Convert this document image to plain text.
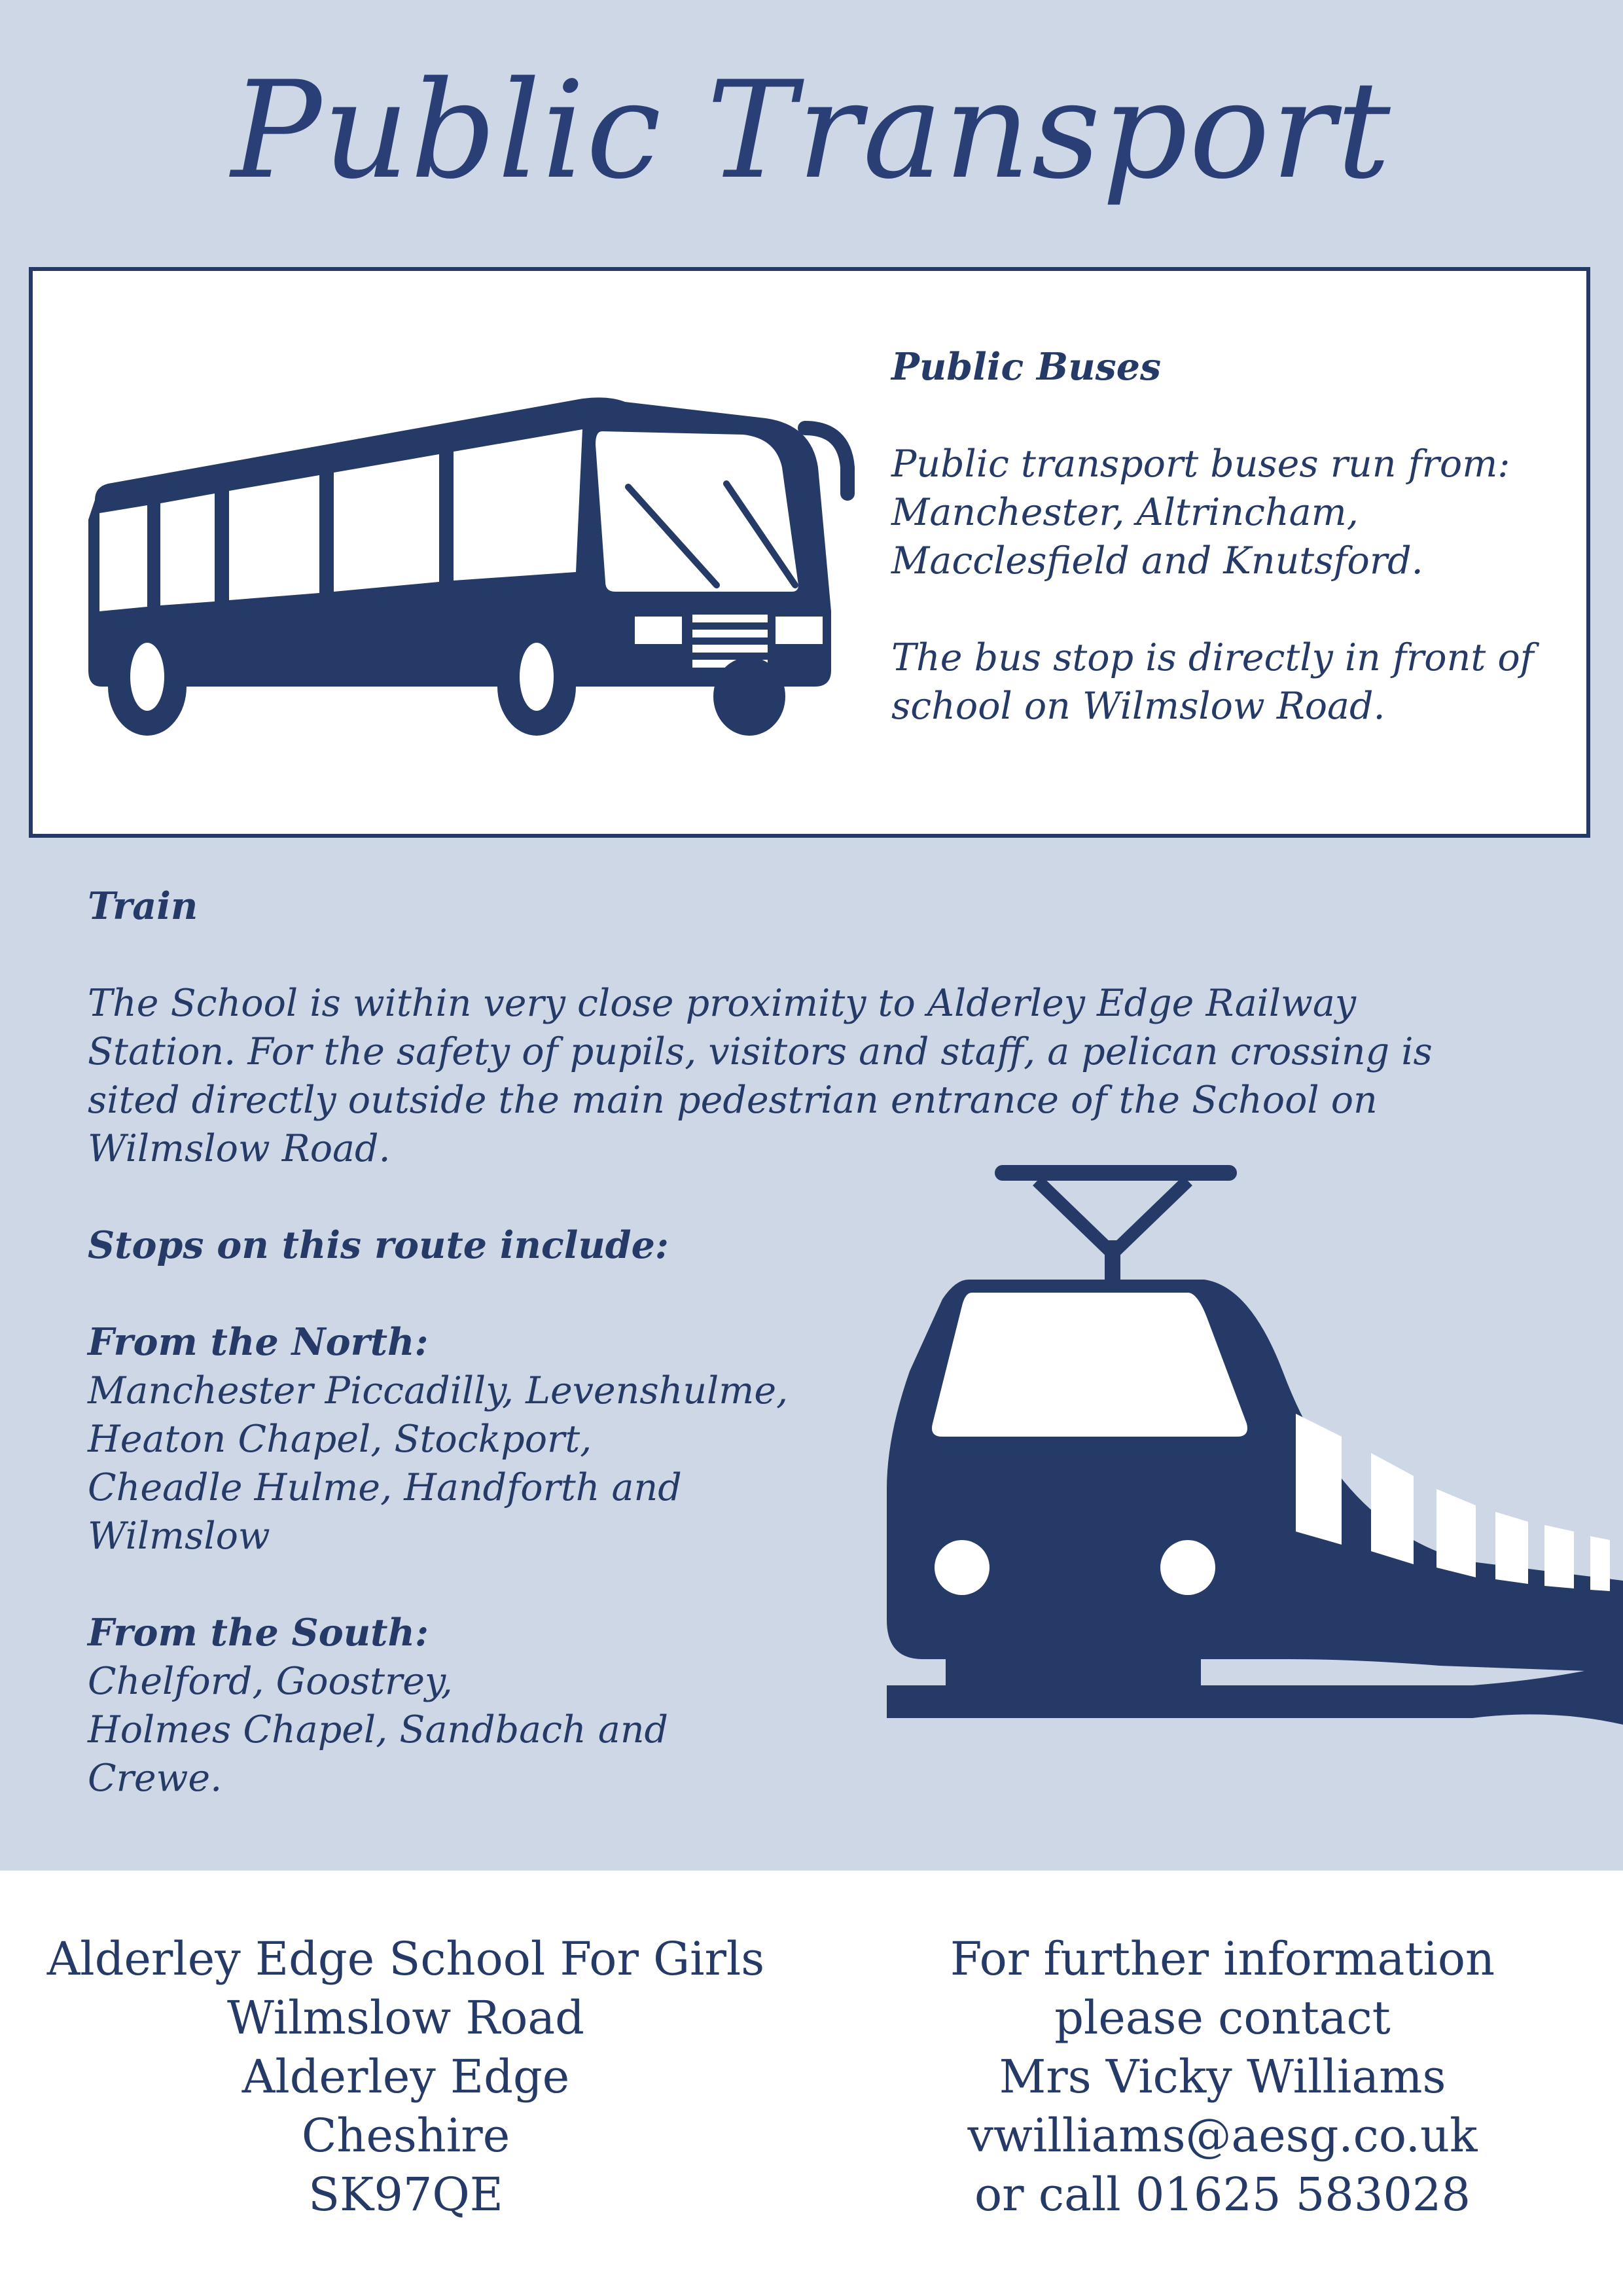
Public Transport
Public Buses
Public transport buses run from:
Manchester, Altrincham,
Macclesfield and Knutsford.
The bus stop is directly in front of
school on Wilmslow Road.
Train
The School is within very close proximity to Alderley Edge Railway
Station. For the safety of pupils, visitors and staff, a pelican crossing is
sited directly outside the main pedestrian entrance of the School on
Wilmslow Road.
Stops on this route include:
From the North:
Manchester Piccadilly, Levenshulme,
Heaton Chapel, Stockport,
Cheadle Hulme, Handforth and
Wilmslow
From the South:
Chelford, Goostrey,
Holmes Chapel, Sandbach and
Crewe.
Alderley Edge School For Girls
Wilmslow Road
Alderley Edge
Cheshire
SK97QE
For further information
please contact
Mrs Vicky Williams
vwilliams@aesg.co.uk
or call 01625 583028
